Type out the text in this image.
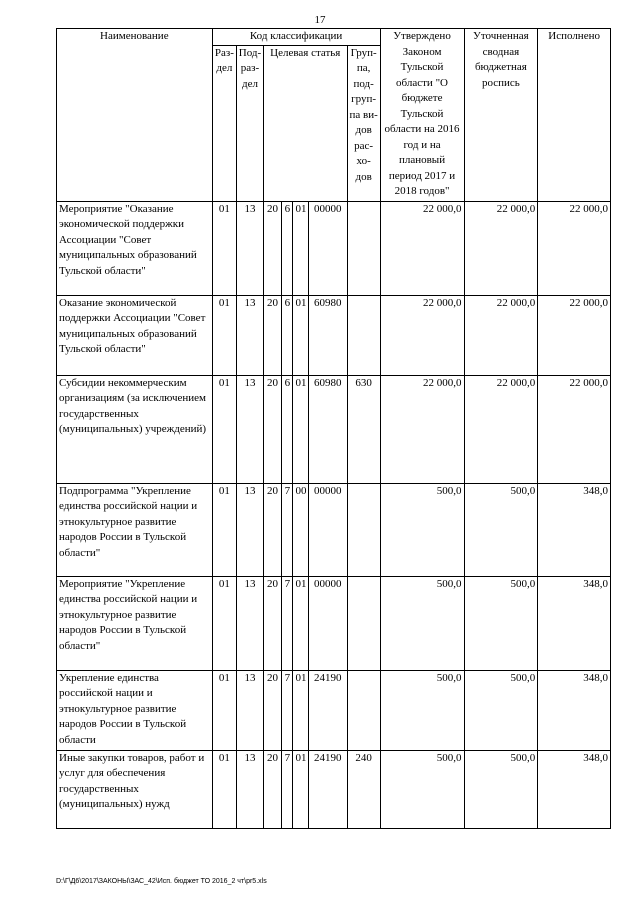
17
Наименование	Код классификации							Утверждено Законом Тульской области "О бюджете Тульской области на 2016 год и на плановый период 2017 и 2018 годов"	Уточненная сводная бюджетная роспись	Исполнено
	Раз-дел	Под-раз-дел	Целевая статья				Груп-па, под-груп-па ви-дов рас-хо-дов			
Мероприятие "Оказание экономической поддержки Ассоциации "Совет муниципальных образований Тульской области"	01	13	20	6	01	00000		22 000,0	22 000,0	22 000,0
Оказание экономической поддержки Ассоциации "Совет муниципальных образований Тульской области"	01	13	20	6	01	60980		22 000,0	22 000,0	22 000,0
Субсидии некоммерческим организациям (за исключением государственных (муниципальных) учреждений)	01	13	20	6	01	60980	630	22 000,0	22 000,0	22 000,0
Подпрограмма "Укрепление единства российской нации и этнокультурное развитие народов России в Тульской области"	01	13	20	7	00	00000		500,0	500,0	348,0
Мероприятие "Укрепление единства российской нации и этнокультурное развитие народов России в Тульской области"	01	13	20	7	01	00000		500,0	500,0	348,0
Укрепление единства российской нации и этнокультурное развитие народов России в Тульской области	01	13	20	7	01	24190		500,0	500,0	348,0
Иные закупки товаров, работ и услуг для обеспечения государственных (муниципальных) нужд	01	13	20	7	01	24190	240	500,0	500,0	348,0
D:\Г\Д6\2017\ЗАКОНЫ\ЗАС_42\Исп. бюджет ТО 2016_2 чт\pr5.xls
